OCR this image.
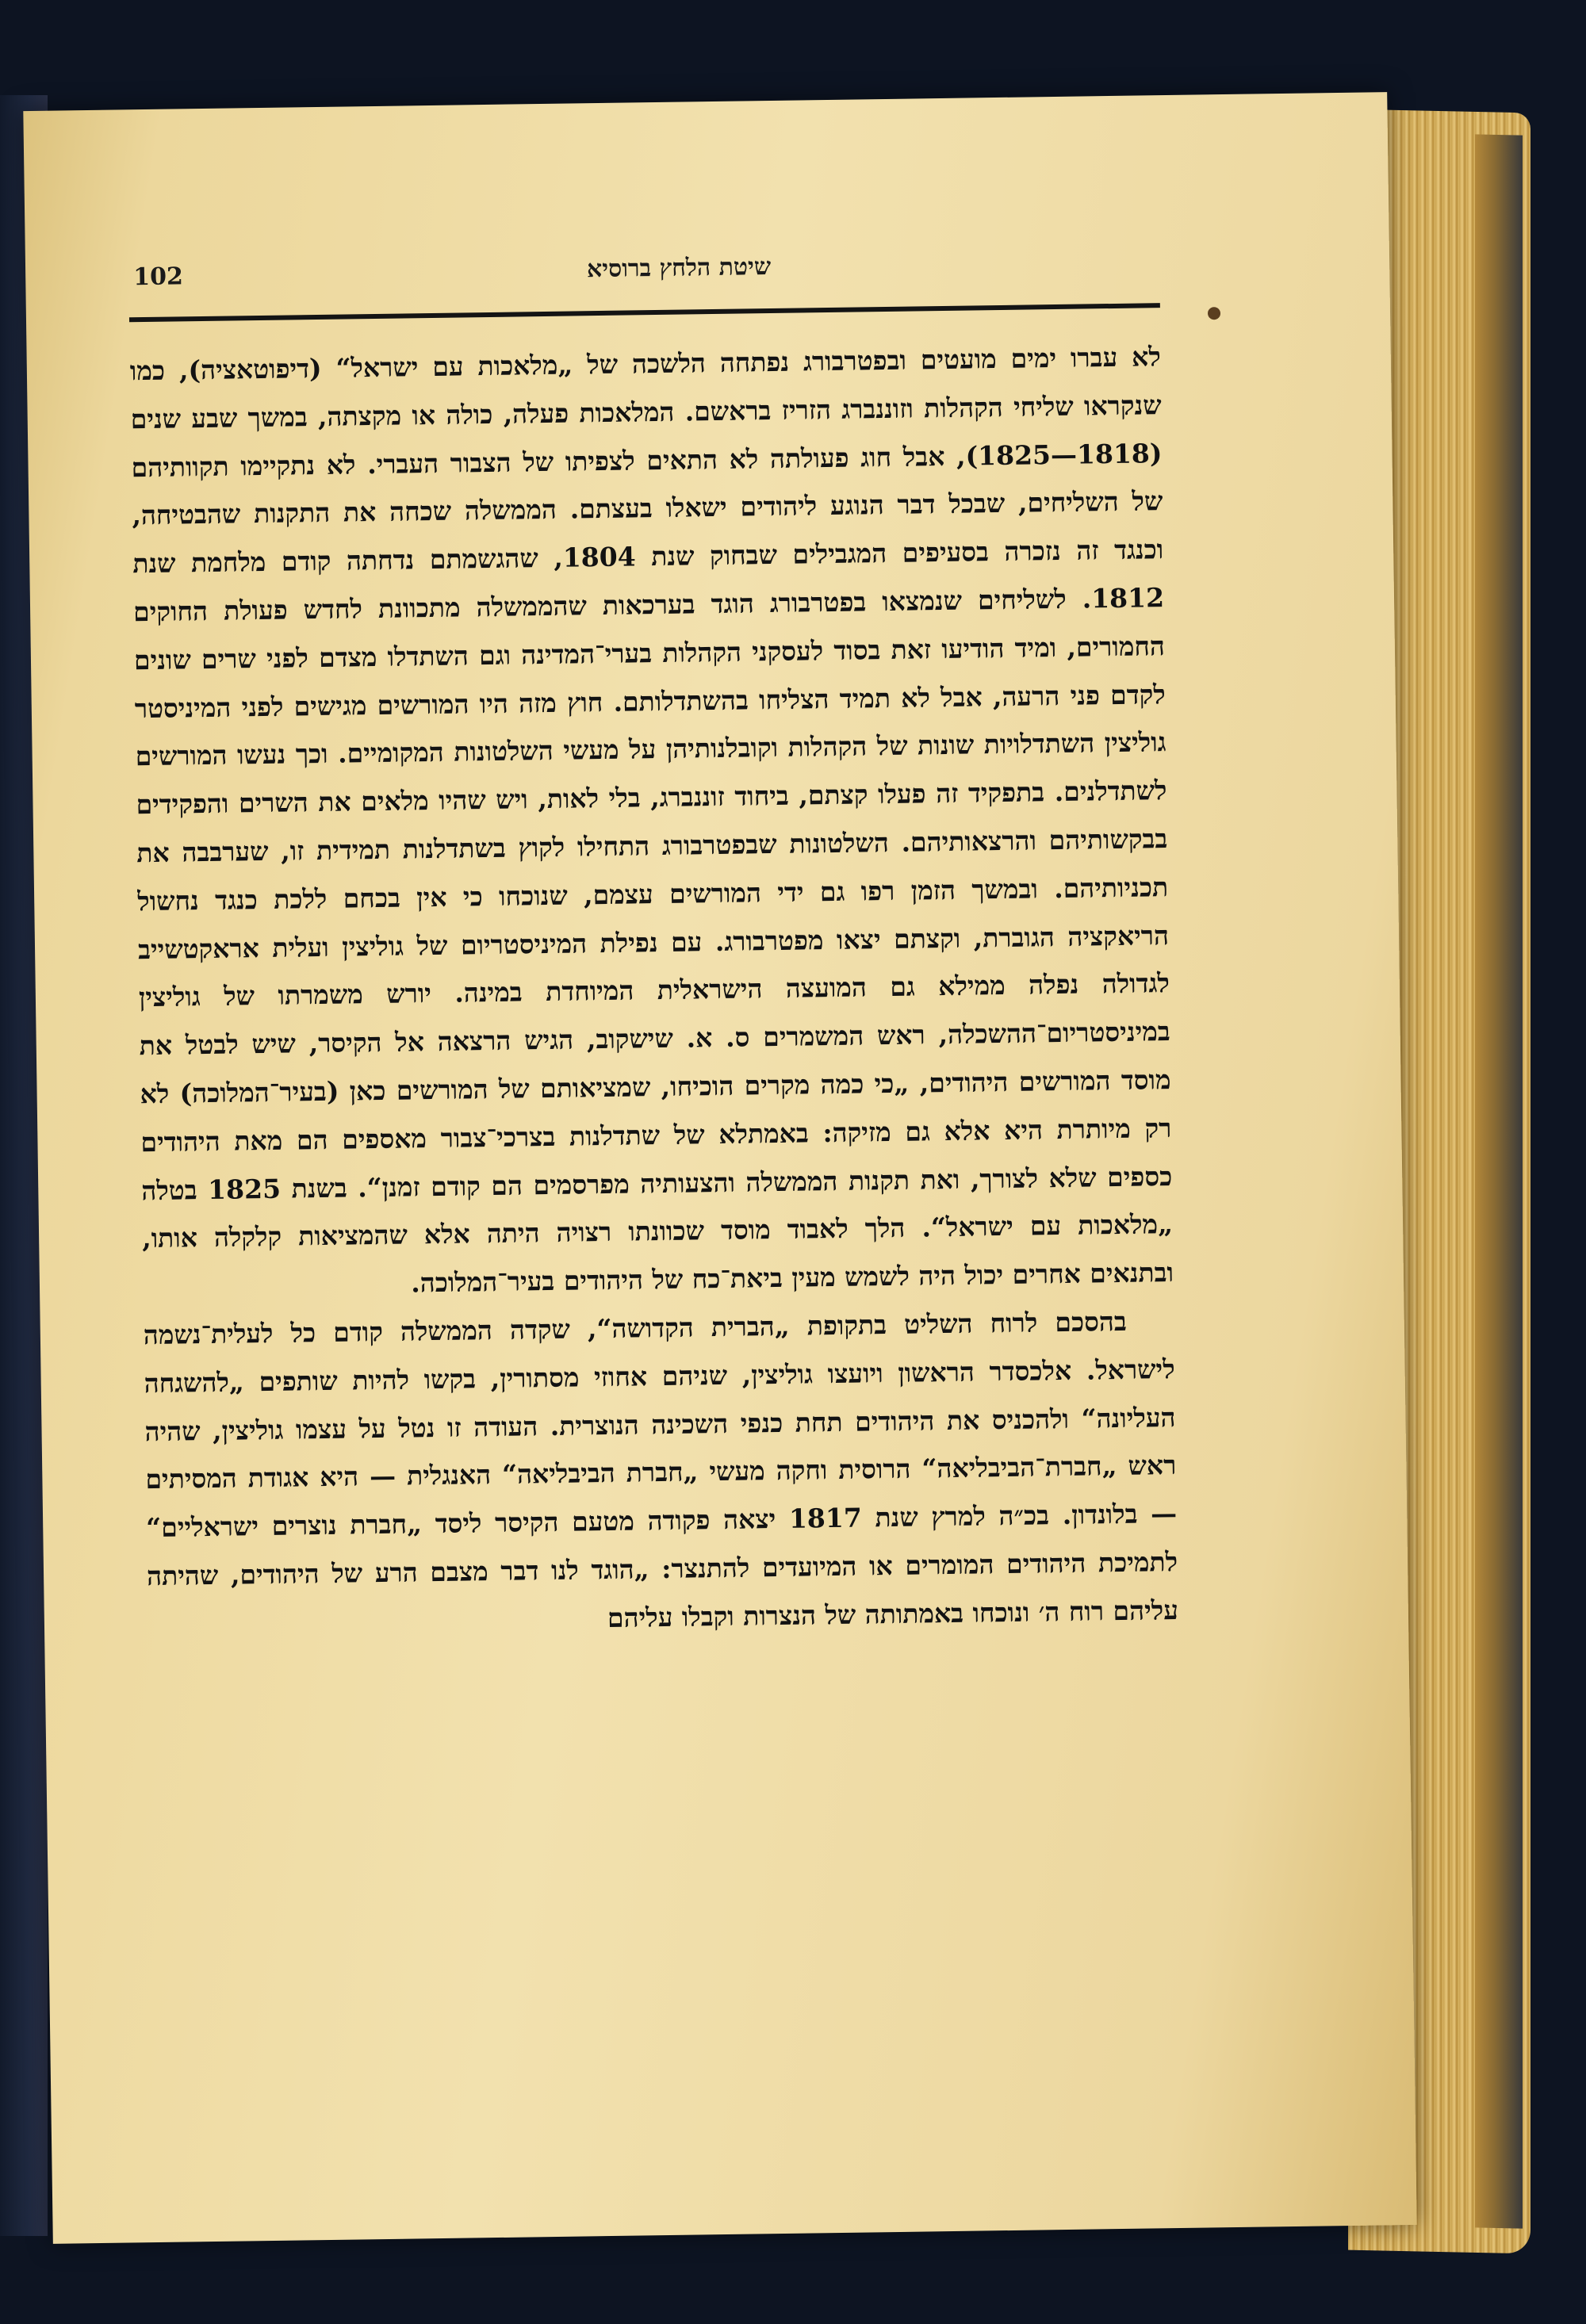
102	שיטת הלחץ ברוסיא

לא עברו ימים מועטים ובפטרבורג נפתחה הלשכה של „מלאכות עם ישראל“ (דיפוטאציה), כמו שנקראו שליחי הקהלות וזוננברג הזריז בראשם. המלאכות פעלה, כולה או מקצתה, במשך שבע שנים (1818—1825), אבל חוג פעולתה לא התאים לצפיתו של הצבור העברי. לא נתקיימו תקוותיהם של השליחים, שבכל דבר הנוגע ליהודים ישאלו בעצתם. הממשלה שכחה את התקנות שהבטיחה, וכנגד זה נזכרה בסעיפים המגבילים שבחוק שנת 1804, שהגשמתם נדחתה קודם מלחמת שנת 1812. לשליחים שנמצאו בפטרבורג הוגד בערכאות שהממשלה מתכוונת לחדש פעולת החוקים החמורים, ומיד הודיעו זאת בסוד לעסקני הקהלות בערי־המדינה וגם השתדלו מצדם לפני שרים שונים לקדם פני הרעה, אבל לא תמיד הצליחו בהשתדלותם. חוץ מזה היו המורשים מגישים לפני המיניסטר גוליצין השתדלויות שונות של הקהלות וקובלנותיהן על מעשי השלטונות המקומיים. וכך נעשו המורשים לשתדלנים. בתפקיד זה פעלו קצתם, ביחוד זוננברג, בלי לאות, ויש שהיו מלאים את השרים והפקידים בבקשותיהם והרצאותיהם. השלטונות שבפטרבורג התחילו לקוץ בשתדלנות תמידית זו, שערבבה את תכניותיהם. ובמשך הזמן רפו גם ידי המורשים עצמם, שנוכחו כי אין בכחם ללכת כנגד נחשול הריאקציה הגוברת, וקצתם יצאו מפטרבורג. עם נפילת המיניסטריום של גוליצין ועלית אראקטשייב לגדולה נפלה ממילא גם המועצה הישראלית המיוחדת במינה. יורש משמרתו של גוליצין במיניסטריום־ההשכלה, ראש המשמרים ס. א. שישקוב, הגיש הרצאה אל הקיסר, שיש לבטל את מוסד המורשים היהודים, „כי כמה מקרים הוכיחו, שמציאותם של המורשים כאן (בעיר־המלוכה) לא רק מיותרת היא אלא גם מזיקה: באמתלא של שתדלנות בצרכי־צבור מאספים הם מאת היהודים כספים שלא לצורך, ואת תקנות הממשלה והצעותיה מפרסמים הם קודם זמנן“. בשנת 1825 בטלה „מלאכות עם ישראל“. הלך לאבוד מוסד שכוונתו רצויה היתה אלא שהמציאות קלקלה אותו, ובתנאים אחרים יכול היה לשמש מעין ביאת־כח של היהודים בעיר־המלוכה.

בהסכם לרוח השליט בתקופת „הברית הקדושה“, שקדה הממשלה קודם כל לעלית־נשמה לישראל. אלכסדר הראשון ויועצו גוליצין, שניהם אחוזי מסתורין, בקשו להיות שותפים „להשגחה העליונה“ ולהכניס את היהודים תחת כנפי השכינה הנוצרית. העודה זו נטל על עצמו גוליצין, שהיה ראש „חברת־הביבליאה“ הרוסית וחקה מעשי „חברת הביבליאה“ האנגלית — היא אגודת המסיתים — בלונדון. בכ״ה למרץ שנת 1817 יצאה פקודה מטעם הקיסר ליסד „חברת נוצרים ישראליים“ לתמיכת היהודים המומרים או המיועדים להתנצר: „הוגד לנו דבר מצבם הרע של היהודים, שהיתה עליהם רוח ה׳ ונוכחו באמתותה של הנצרות וקבלו עליהם
